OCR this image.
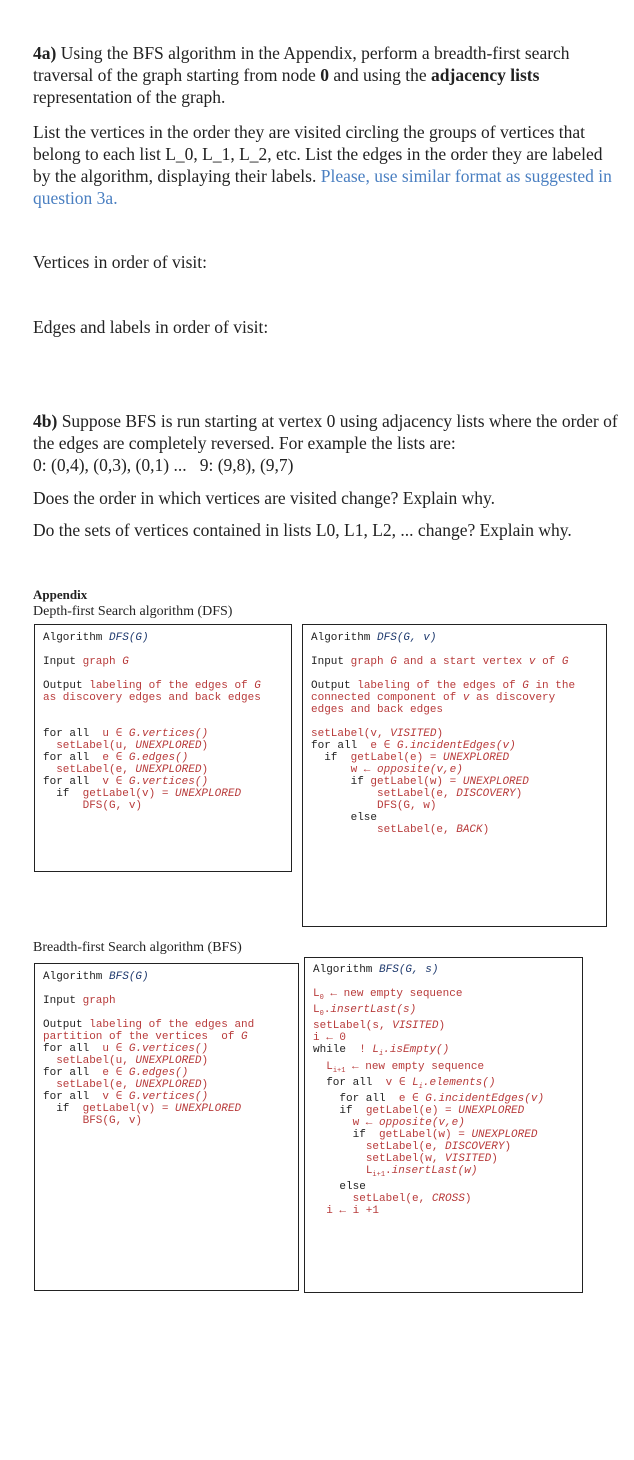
4a) Using the BFS algorithm in the Appendix, perform a breadth-first search traversal of the graph starting from node 0 and using the adjacency lists representation of the graph.
List the vertices in the order they are visited circling the groups of vertices that belong to each list L_0, L_1, L_2, etc. List the edges in the order they are labeled by the algorithm, displaying their labels. Please, use similar format as suggested in question 3a.
Vertices in order of visit:
Edges and labels in order of visit:
4b) Suppose BFS is run starting at vertex 0 using adjacency lists where the order of the edges are completely reversed. For example the lists are:
0: (0,4), (0,3), (0,1) ...   9: (9,8), (9,7)
Does the order in which vertices are visited change? Explain why.
Do the sets of vertices contained in lists L0, L1, L2, ... change? Explain why.
Appendix
Depth-first Search algorithm (DFS)
Algorithm DFS(G)

Input graph G

Output labeling of the edges of G
as discovery edges and back edges

for all  u ∈ G.vertices()
setLabel(u, UNEXPLORED)
for all  e ∈ G.edges()
setLabel(e, UNEXPLORED)
for all  v ∈ G.vertices()
if  getLabel(v) = UNEXPLORED
DFS(G, v)
Algorithm DFS(G, v)

Input graph G and a start vertex v of G

Output labeling of the edges of G in the
connected component of v as discovery
edges and back edges

setLabel(v, VISITED)
for all  e ∈ G.incidentEdges(v)
if  getLabel(e) = UNEXPLORED
w ← opposite(v,e)
if getLabel(w) = UNEXPLORED
setLabel(e, DISCOVERY)
DFS(G, w)
else
setLabel(e, BACK)
Breadth-first Search algorithm (BFS)
Algorithm BFS(G)

Input graph

Output labeling of the edges and
partition of the vertices  of G
for all  u ∈ G.vertices()
setLabel(u, UNEXPLORED)
for all  e ∈ G.edges()
setLabel(e, UNEXPLORED)
for all  v ∈ G.vertices()
if  getLabel(v) = UNEXPLORED
BFS(G, v)
Algorithm BFS(G, s)

$L_0$ ← new empty sequence
$L_0.insertLast(s)$
setLabel(s, VISITED)
i ← 0
while  ! $L_i.isEmpty()$
$L_{i+1}$ ← new empty sequence
for all  v ∈ $L_i.elements()$
for all  e ∈ G.incidentEdges(v)
if  getLabel(e) = UNEXPLORED
w ← opposite(v,e)
if  getLabel(w) = UNEXPLORED
setLabel(e, DISCOVERY)
setLabel(w, VISITED)
$L_{i+1}.insertLast(w)$
else
setLabel(e, CROSS)
i ← i +1
